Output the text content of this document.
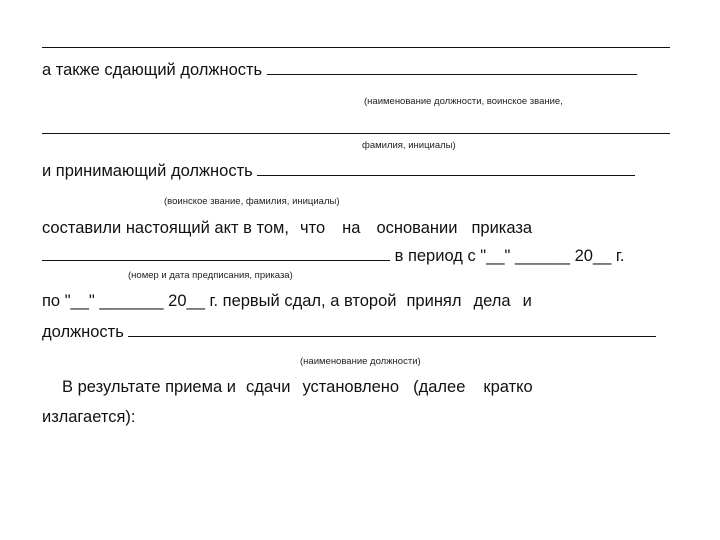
а также сдающий должность
(наименование должности, воинское звание,
фамилия, инициалы)
и принимающий должность
(воинское звание, фамилия, инициалы)
составили настоящий акт в том, что на основании приказа
в период с "__" ______ 20__ г.
(номер и дата предписания, приказа)
по "__" _______ 20__ г. первый сдал, а второй принял дела и
должность
(наименование должности)
В результате приема и сдачи установлено (далее кратко
излагается):
